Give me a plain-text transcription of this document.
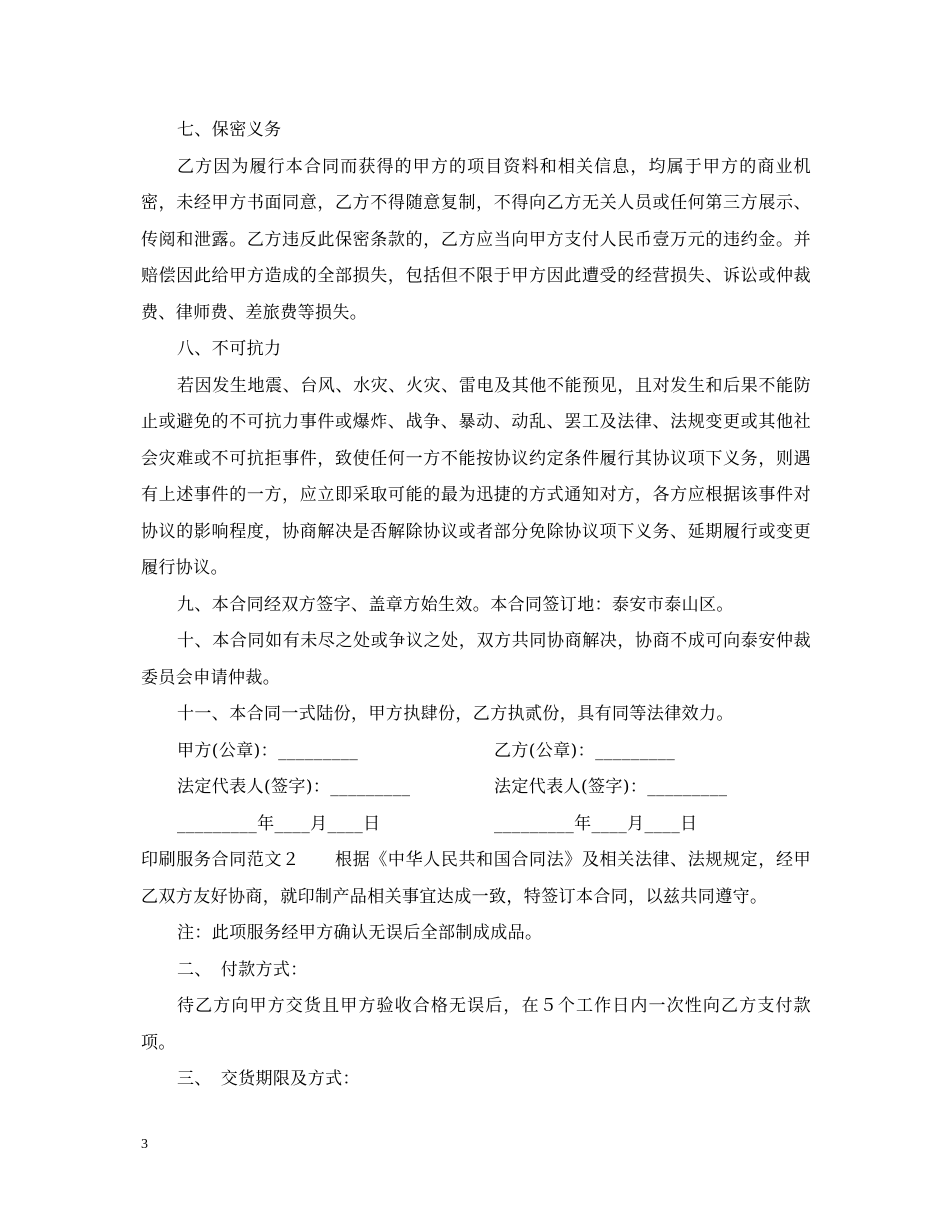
七、保密义务

乙方因为履行本合同而获得的甲方的项目资料和相关信息，均属于甲方的商业机密，未经甲方书面同意，乙方不得随意复制，不得向乙方无关人员或任何第三方展示、传阅和泄露。乙方违反此保密条款的，乙方应当向甲方支付人民币壹万元的违约金。并赔偿因此给甲方造成的全部损失，包括但不限于甲方因此遭受的经营损失、诉讼或仲裁费、律师费、差旅费等损失。

八、不可抗力

若因发生地震、台风、水灾、火灾、雷电及其他不能预见，且对发生和后果不能防止或避免的不可抗力事件或爆炸、战争、暴动、动乱、罢工及法律、法规变更或其他社会灾难或不可抗拒事件，致使任何一方不能按协议约定条件履行其协议项下义务，则遇有上述事件的一方，应立即采取可能的最为迅捷的方式通知对方，各方应根据该事件对协议的影响程度，协商解决是否解除协议或者部分免除协议项下义务、延期履行或变更履行协议。

九、本合同经双方签字、盖章方始生效。本合同签订地：泰安市泰山区。

十、本合同如有未尽之处或争议之处，双方共同协商解决，协商不成可向泰安仲裁委员会申请仲裁。

十一、本合同一式陆份，甲方执肆份，乙方执贰份，具有同等法律效力。

甲方(公章)：_________	乙方(公章)：_________
法定代表人(签字)：_________	法定代表人(签字)：_________
_________年____月____日	_________年____月____日

印刷服务合同范文２　　根据《中华人民共和国合同法》及相关法律、法规规定，经甲乙双方友好协商，就印制产品相关事宜达成一致，特签订本合同，以兹共同遵守。

注：此项服务经甲方确认无误后全部制成成品。

二、　付款方式：

待乙方向甲方交货且甲方验收合格无误后，在５个工作日内一次性向乙方支付款项。

三、　交货期限及方式：

3
